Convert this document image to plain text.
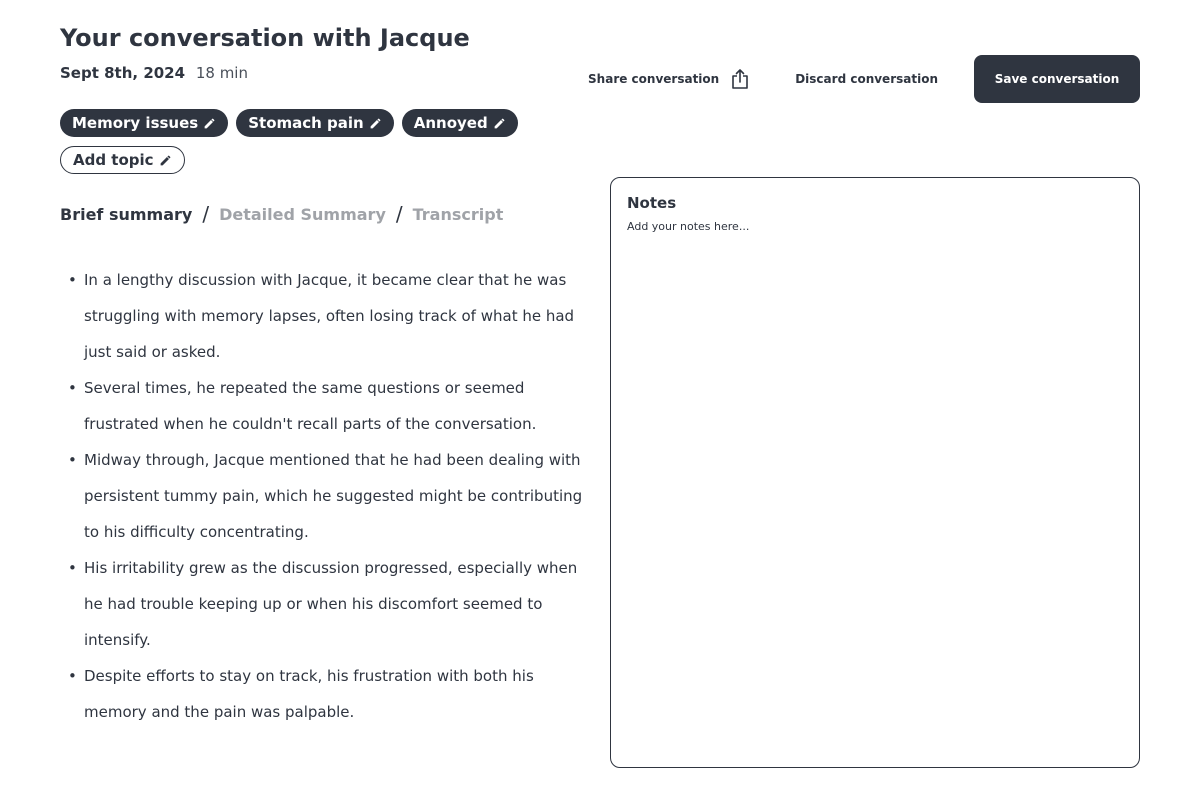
Your conversation with Jacque
Sept 8th, 2024 18 min
Memory issues	Stomach pain	Annoyed
Add topic
Share conversation	Discard conversation	Save conversation
Brief summary / Detailed Summary / Transcript
• In a lengthy discussion with Jacque, it became clear that he was struggling with memory lapses, often losing track of what he had just said or asked.
• Several times, he repeated the same questions or seemed frustrated when he couldn't recall parts of the conversation.
• Midway through, Jacque mentioned that he had been dealing with persistent tummy pain, which he suggested might be contributing to his difficulty concentrating.
• His irritability grew as the discussion progressed, especially when he had trouble keeping up or when his discomfort seemed to intensify.
• Despite efforts to stay on track, his frustration with both his memory and the pain was palpable.
Notes
Add your notes here...
